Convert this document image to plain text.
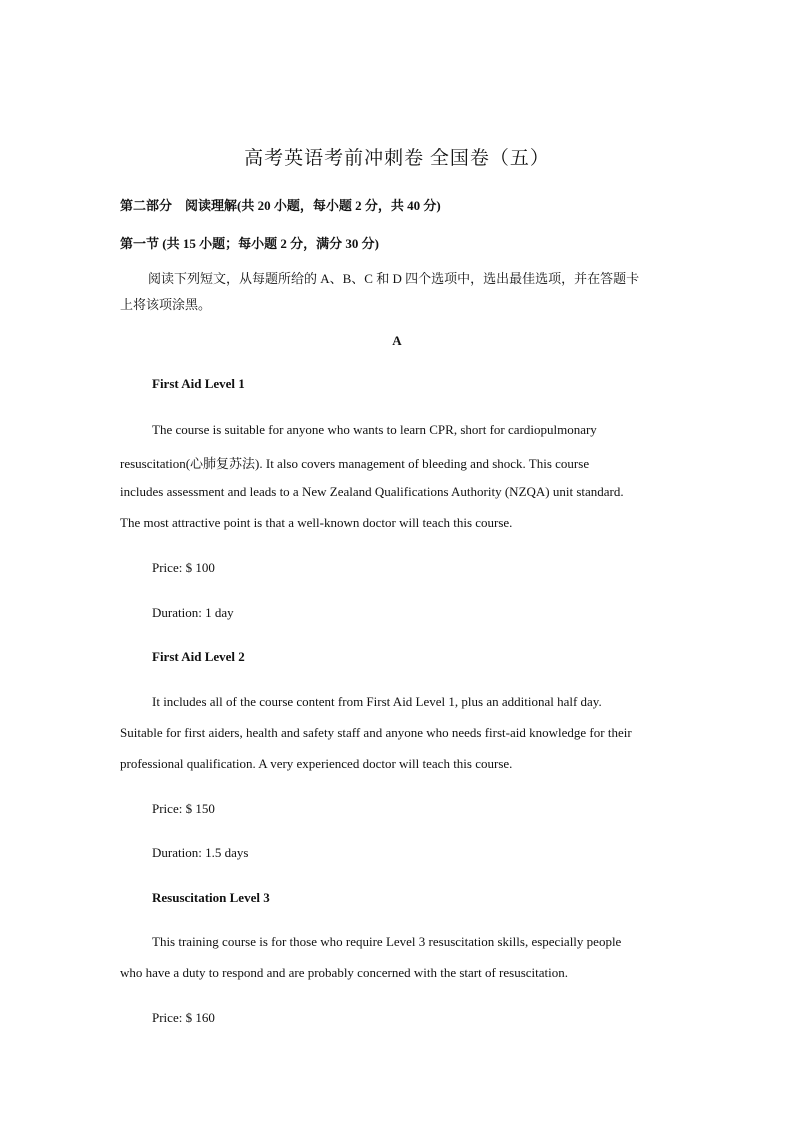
高考英语考前冲刺卷 全国卷（五）
第二部分　阅读理解(共 20 小题，每小题 2 分，共 40 分)
第一节 (共 15 小题；每小题 2 分，满分 30 分)
阅读下列短文，从每题所给的 A、B、C 和 D 四个选项中，选出最佳选项，并在答题卡
上将该项涂黑。
A
First Aid Level 1
The course is suitable for anyone who wants to learn CPR, short for cardiopulmonary
resuscitation(心肺复苏法). It also covers management of bleeding and shock. This course
includes assessment and leads to a New Zealand Qualifications Authority (NZQA) unit standard.
The most attractive point is that a well-known doctor will teach this course.
Price: $ 100
Duration: 1 day
First Aid Level 2
It includes all of the course content from First Aid Level 1, plus an additional half day.
Suitable for first aiders, health and safety staff and anyone who needs first-aid knowledge for their
professional qualification. A very experienced doctor will teach this course.
Price: $ 150
Duration: 1.5 days
Resuscitation Level 3
This training course is for those who require Level 3 resuscitation skills, especially people
who have a duty to respond and are probably concerned with the start of resuscitation.
Price: $ 160
